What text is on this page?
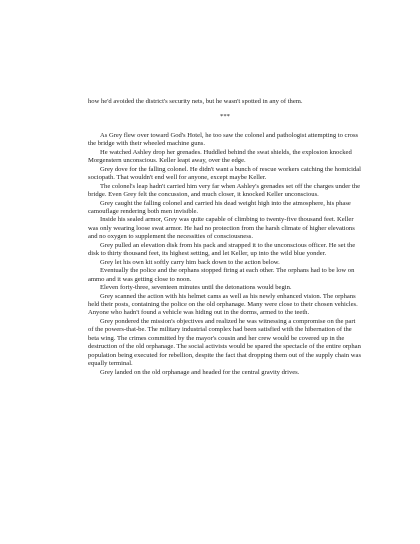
how he'd avoided the district's security nets, but he wasn't spotted in any of them.

***

As Grey flew over toward God's Hotel, he too saw the colonel and pathologist attempting to cross the bridge with their wheeled machine guns.

He watched Ashley drop her grenades. Huddled behind the swat shields, the explosion knocked Morgenstern unconscious. Keller leapt away, over the edge.

Grey dove for the falling colonel. He didn't want a bunch of rescue workers catching the homicidal sociopath. That wouldn't end well for anyone, except maybe Keller.

The colonel's leap hadn't carried him very far when Ashley's grenades set off the charges under the bridge. Even Grey felt the concussion, and much closer, it knocked Keller unconscious.

Grey caught the falling colonel and carried his dead weight high into the atmosphere, his phase camouflage rendering both men invisible.

Inside his sealed armor, Grey was quite capable of climbing to twenty-five thousand feet. Keller was only wearing loose swat armor. He had no protection from the harsh climate of higher elevations and no oxygen to supplement the necessities of consciousness.

Grey pulled an elevation disk from his pack and strapped it to the unconscious officer. He set the disk to thirty thousand feet, its highest setting, and let Keller, up into the wild blue yonder.

Grey let his own kit softly carry him back down to the action below.

Eventually the police and the orphans stopped firing at each other. The orphans had to be low on ammo and it was getting close to noon.

Eleven forty-three, seventeen minutes until the detonations would begin.

Grey scanned the action with his helmet cams as well as his newly enhanced vision. The orphans held their posts, containing the police on the old orphanage. Many were close to their chosen vehicles. Anyone who hadn't found a vehicle was hiding out in the dorms, armed to the teeth.

Grey pondered the mission's objectives and realized he was witnessing a compromise on the part of the powers-that-be. The military industrial complex had been satisfied with the hibernation of the beta wing. The crimes committed by the mayor's cousin and her crew would be covered up in the destruction of the old orphanage. The social activists would be spared the spectacle of the entire orphan population being executed for rebellion, despite the fact that dropping them out of the supply chain was equally terminal.

Grey landed on the old orphanage and headed for the central gravity drives.
